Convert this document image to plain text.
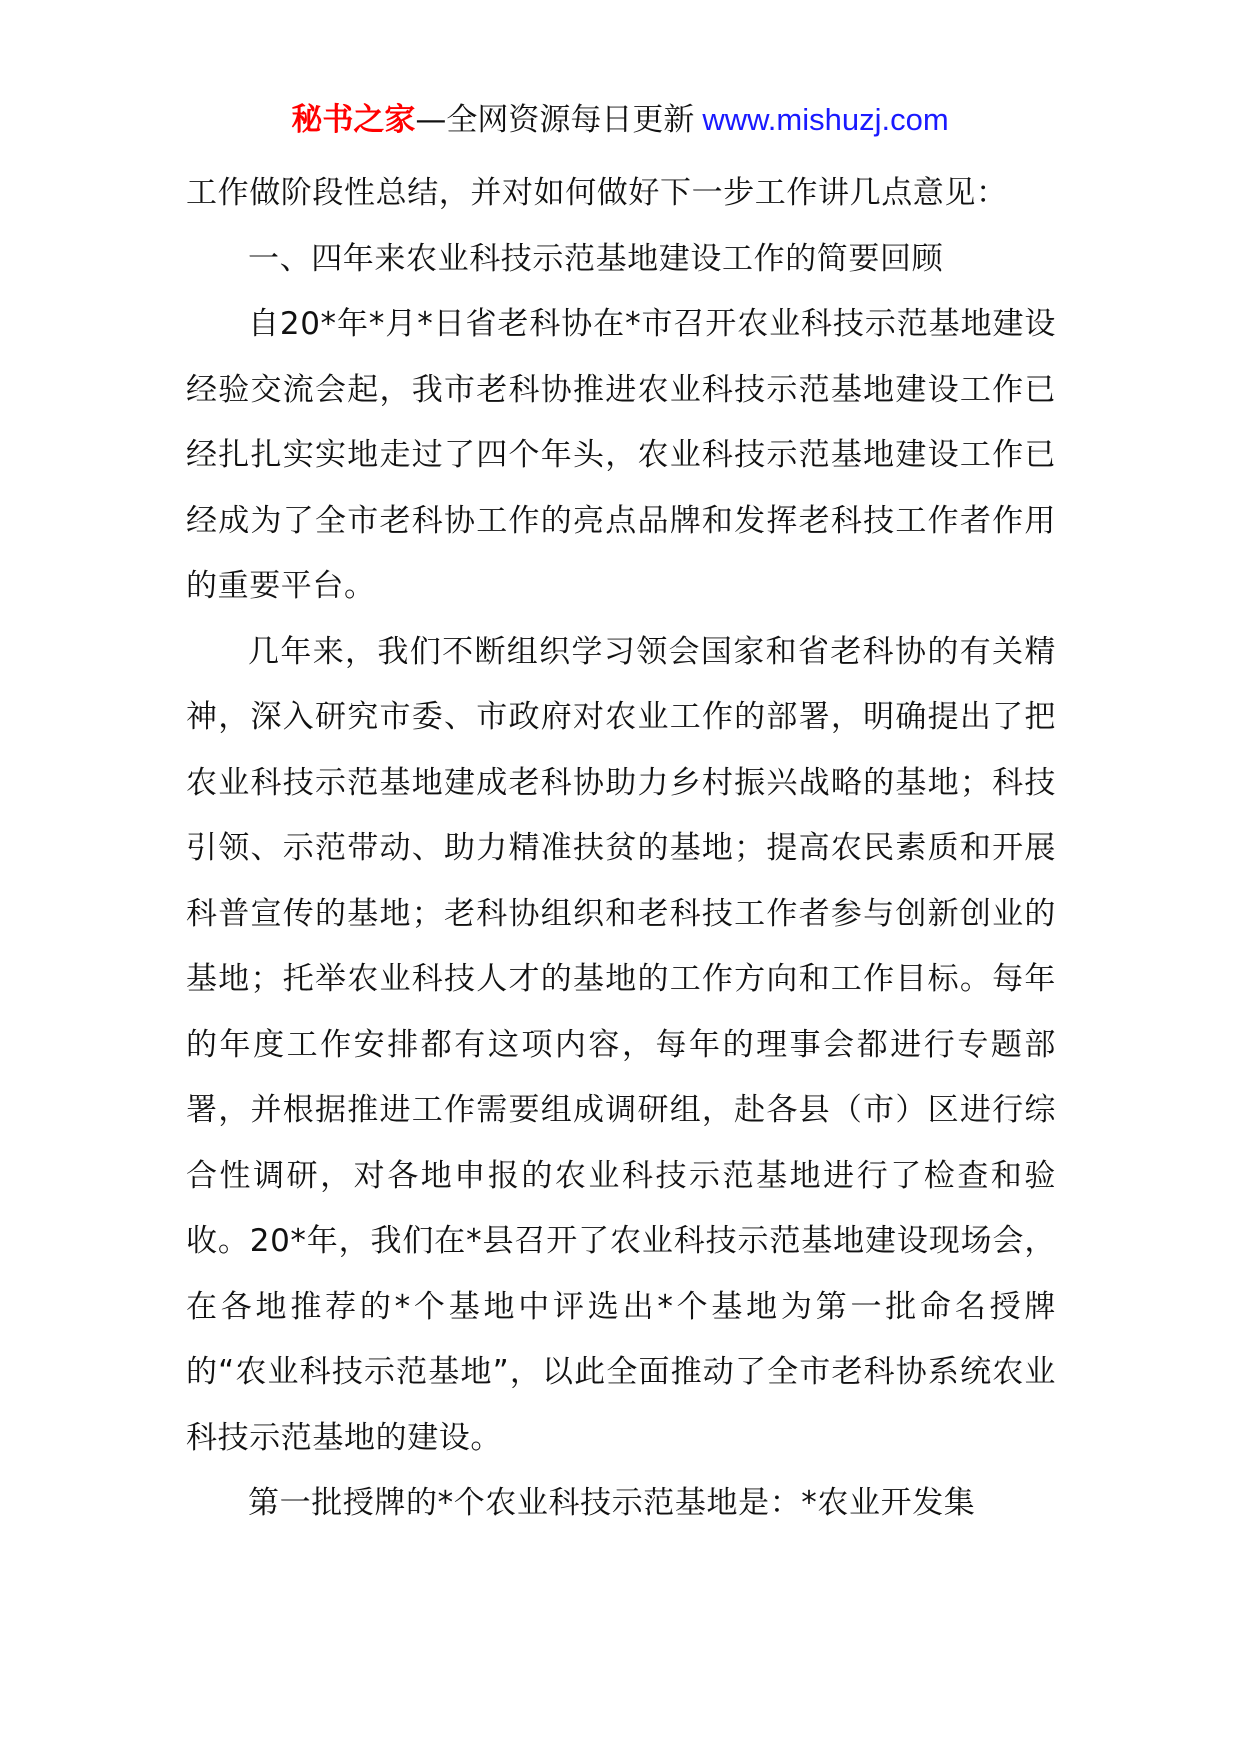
秘书之家—全网资源每日更新 www.mishuzj.com

工作做阶段性总结，并对如何做好下一步工作讲几点意见：

一、四年来农业科技示范基地建设工作的简要回顾

自20*年*月*日省老科协在*市召开农业科技示范基地建设经验交流会起，我市老科协推进农业科技示范基地建设工作已经扎扎实实地走过了四个年头，农业科技示范基地建设工作已经成为了全市老科协工作的亮点品牌和发挥老科技工作者作用的重要平台。

几年来，我们不断组织学习领会国家和省老科协的有关精神，深入研究市委、市政府对农业工作的部署，明确提出了把农业科技示范基地建成老科协助力乡村振兴战略的基地；科技引领、示范带动、助力精准扶贫的基地；提高农民素质和开展科普宣传的基地；老科协组织和老科技工作者参与创新创业的基地；托举农业科技人才的基地的工作方向和工作目标。每年的年度工作安排都有这项内容，每年的理事会都进行专题部署，并根据推进工作需要组成调研组，赴各县（市）区进行综合性调研，对各地申报的农业科技示范基地进行了检查和验收。20*年，我们在*县召开了农业科技示范基地建设现场会，在各地推荐的*个基地中评选出*个基地为第一批命名授牌的“农业科技示范基地”，以此全面推动了全市老科协系统农业科技示范基地的建设。

第一批授牌的*个农业科技示范基地是：*农业开发集
